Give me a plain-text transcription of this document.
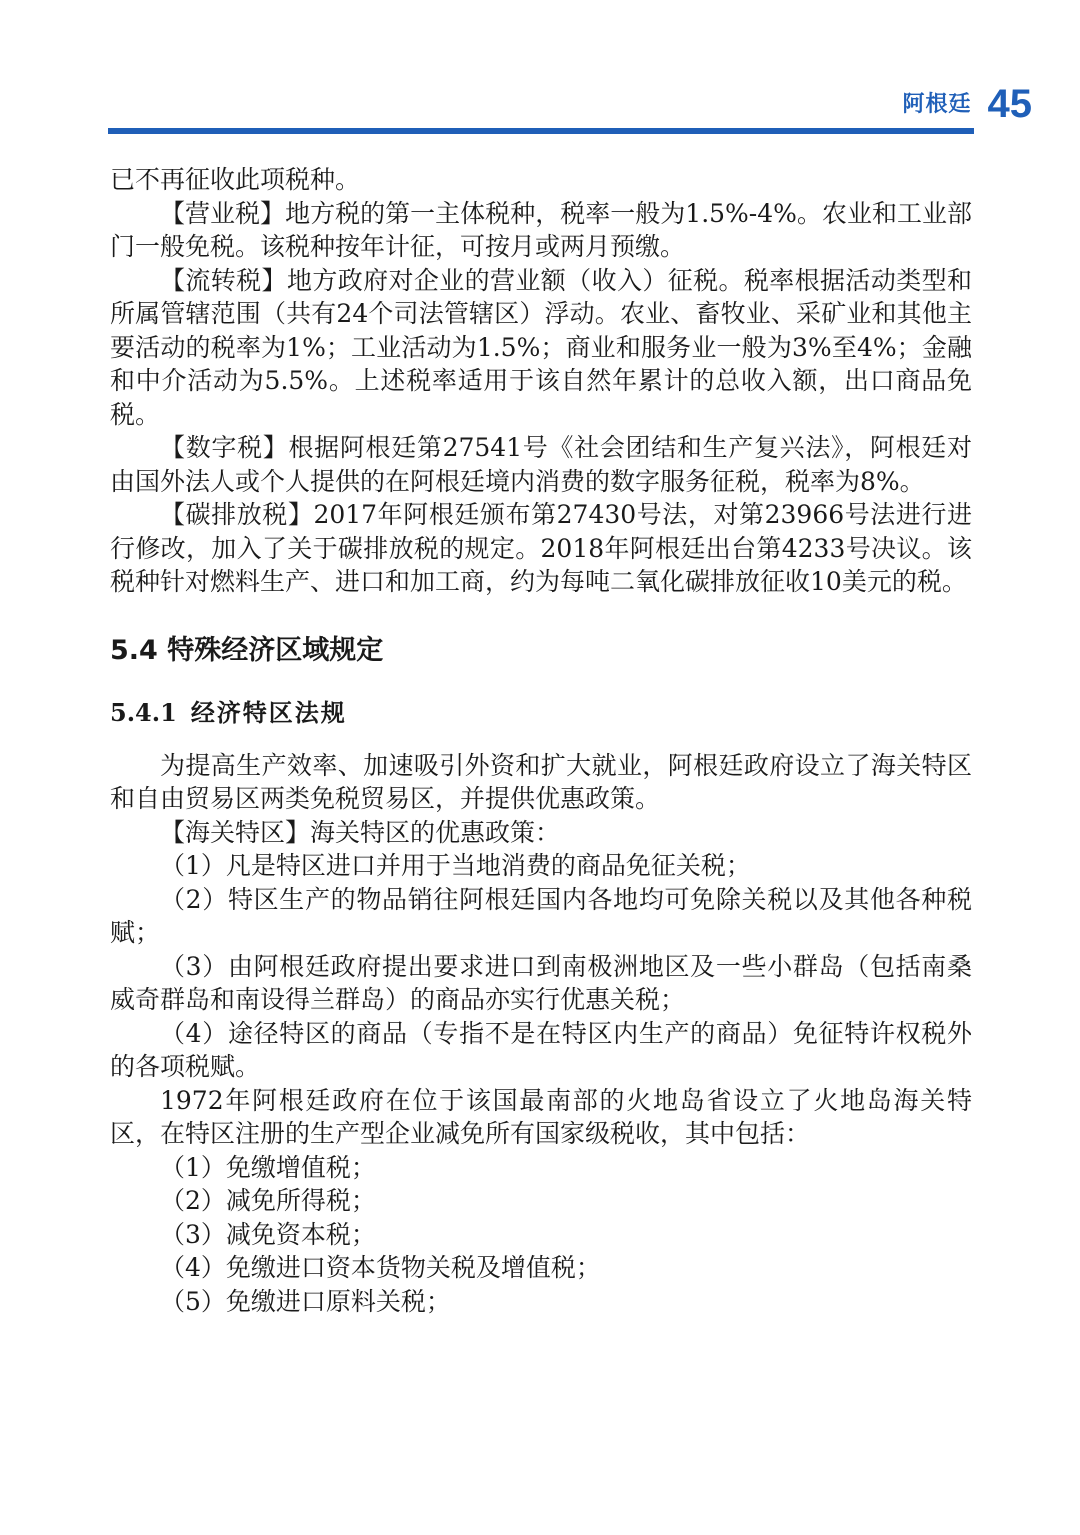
阿根廷 45

已不再征收此项税种。

【营业税】地方税的第一主体税种，税率一般为1.5%-4%。农业和工业部门一般免税。该税种按年计征，可按月或两月预缴。

【流转税】地方政府对企业的营业额（收入）征税。税率根据活动类型和所属管辖范围（共有24个司法管辖区）浮动。农业、畜牧业、采矿业和其他主要活动的税率为1%；工业活动为1.5%；商业和服务业一般为3%至4%；金融和中介活动为5.5%。上述税率适用于该自然年累计的总收入额，出口商品免税。

【数字税】根据阿根廷第27541号《社会团结和生产复兴法》，阿根廷对由国外法人或个人提供的在阿根廷境内消费的数字服务征税，税率为8%。

【碳排放税】2017年阿根廷颁布第27430号法，对第23966号法进行进行修改，加入了关于碳排放税的规定。2018年阿根廷出台第4233号决议。该税种针对燃料生产、进口和加工商，约为每吨二氧化碳排放征收10美元的税。

5.4 特殊经济区域规定
5.4.1 经济特区法规

为提高生产效率、加速吸引外资和扩大就业，阿根廷政府设立了海关特区和自由贸易区两类免税贸易区，并提供优惠政策。

【海关特区】海关特区的优惠政策：

（1）凡是特区进口并用于当地消费的商品免征关税；

（2）特区生产的物品销往阿根廷国内各地均可免除关税以及其他各种税赋；

（3）由阿根廷政府提出要求进口到南极洲地区及一些小群岛（包括南桑威奇群岛和南设得兰群岛）的商品亦实行优惠关税；

（4）途径特区的商品（专指不是在特区内生产的商品）免征特许权税外的各项税赋。

1972年阿根廷政府在位于该国最南部的火地岛省设立了火地岛海关特区，在特区注册的生产型企业减免所有国家级税收，其中包括：

（1）免缴增值税；

（2）减免所得税；

（3）减免资本税；

（4）免缴进口资本货物关税及增值税；

（5）免缴进口原料关税；
